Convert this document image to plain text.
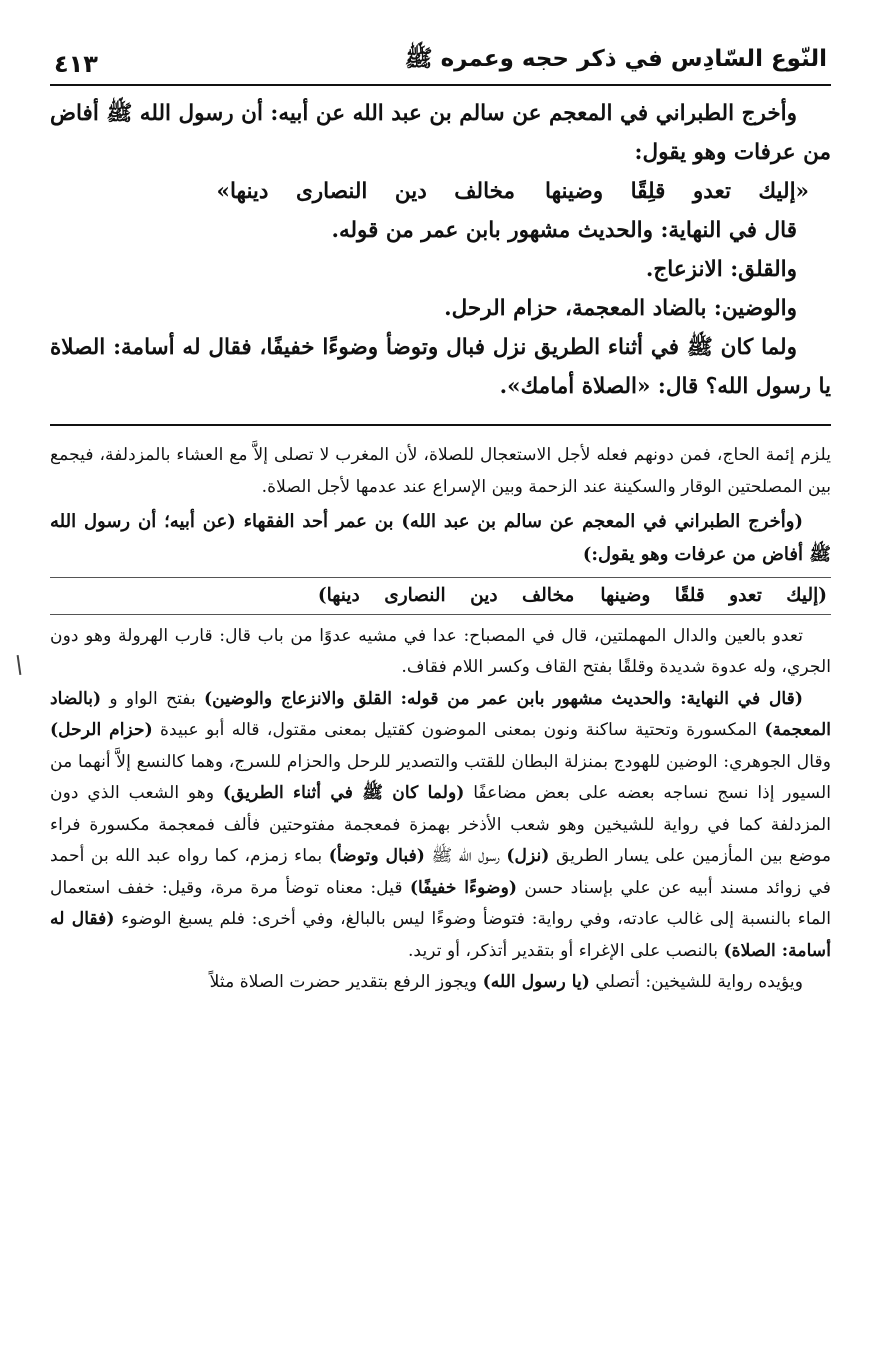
النّوع السّادِس في ذكر حجه وعمره ﷺ
٤١٣

وأخرج الطبراني في المعجم عن سالم بن عبد الله عن أبيه: أن رسول الله ﷺ أفاض من عرفات وهو يقول:

«إليك تعدو قلِقًا وضينهامخالف دين النصارى دينها»

قال في النهاية: والحديث مشهور بابن عمر من قوله.

والقلق: الانزعاج.

والوضين: بالضاد المعجمة، حزام الرحل.

ولما كان ﷺ في أثناء الطريق نزل فبال وتوضأ وضوءًا خفيفًا، فقال له أسامة: الصلاة يا رسول الله؟ قال: «الصلاة أمامك».

يلزم إئمة الحاج، فمن دونهم فعله لأجل الاستعجال للصلاة، لأن المغرب لا تصلى إلاَّ مع العشاء بالمزدلفة، فيجمع بين المصلحتين الوقار والسكينة عند الزحمة وبين الإسراع عند عدمها لأجل الصلاة.

(وأخرج الطبراني في المعجم عن سالم بن عبد الله) بن عمر أحد الفقهاء (عن أبيه؛ أن رسول الله ﷺ أفاض من عرفات وهو يقول:)

(إليك تعدو قلقًا وضينهامخالف دين النصارى دينها)

تعدو بالعين والدال المهملتين، قال في المصباح: عدا في مشيه عدوًا من باب قال: قارب الهرولة وهو دون الجري، وله عدوة شديدة وقلقًا بفتح القاف وكسر اللام فقاف.

(قال في النهاية: والحديث مشهور بابن عمر من قوله: القلق والانزعاج والوضين) بفتح الواو و (بالضاد المعجمة) المكسورة وتحتية ساكنة ونون بمعنى الموضون كقتيل بمعنى مقتول، قاله أبو عبيدة (حزام الرحل) وقال الجوهري: الوضين للهودج بمنزلة البطان للقتب والتصدير للرحل والحزام للسرج، وهما كالنسع إلاَّ أنهما من السيور إذا نسج نساجه بعضه على بعض مضاعفًا (ولما كان ﷺ في أثناء الطريق) وهو الشعب الذي دون المزدلفة كما في رواية للشيخين وهو شعب الأذخر بهمزة فمعجمة مفتوحتين فألف فمعجمة مكسورة فراء موضع بين المأزمين على يسار الطريق (نزل) رسول الله ﷺ (فبال وتوضأ) بماء زمزم، كما رواه عبد الله بن أحمد في زوائد مسند أبيه عن علي بإسناد حسن (وضوءًا خفيفًا) قيل: معناه توضأ مرة مرة، وقيل: خفف استعمال الماء بالنسبة إلى غالب عادته، وفي رواية: فتوضأ وضوءًا ليس بالبالغ، وفي أخرى: فلم يسبغ الوضوء (فقال له أسامة: الصلاة) بالنصب على الإغراء أو بتقدير أتذكر، أو تريد.

ويؤيده رواية للشيخين: أتصلي (يا رسول الله) ويجوز الرفع بتقدير حضرت الصلاة مثلاً
